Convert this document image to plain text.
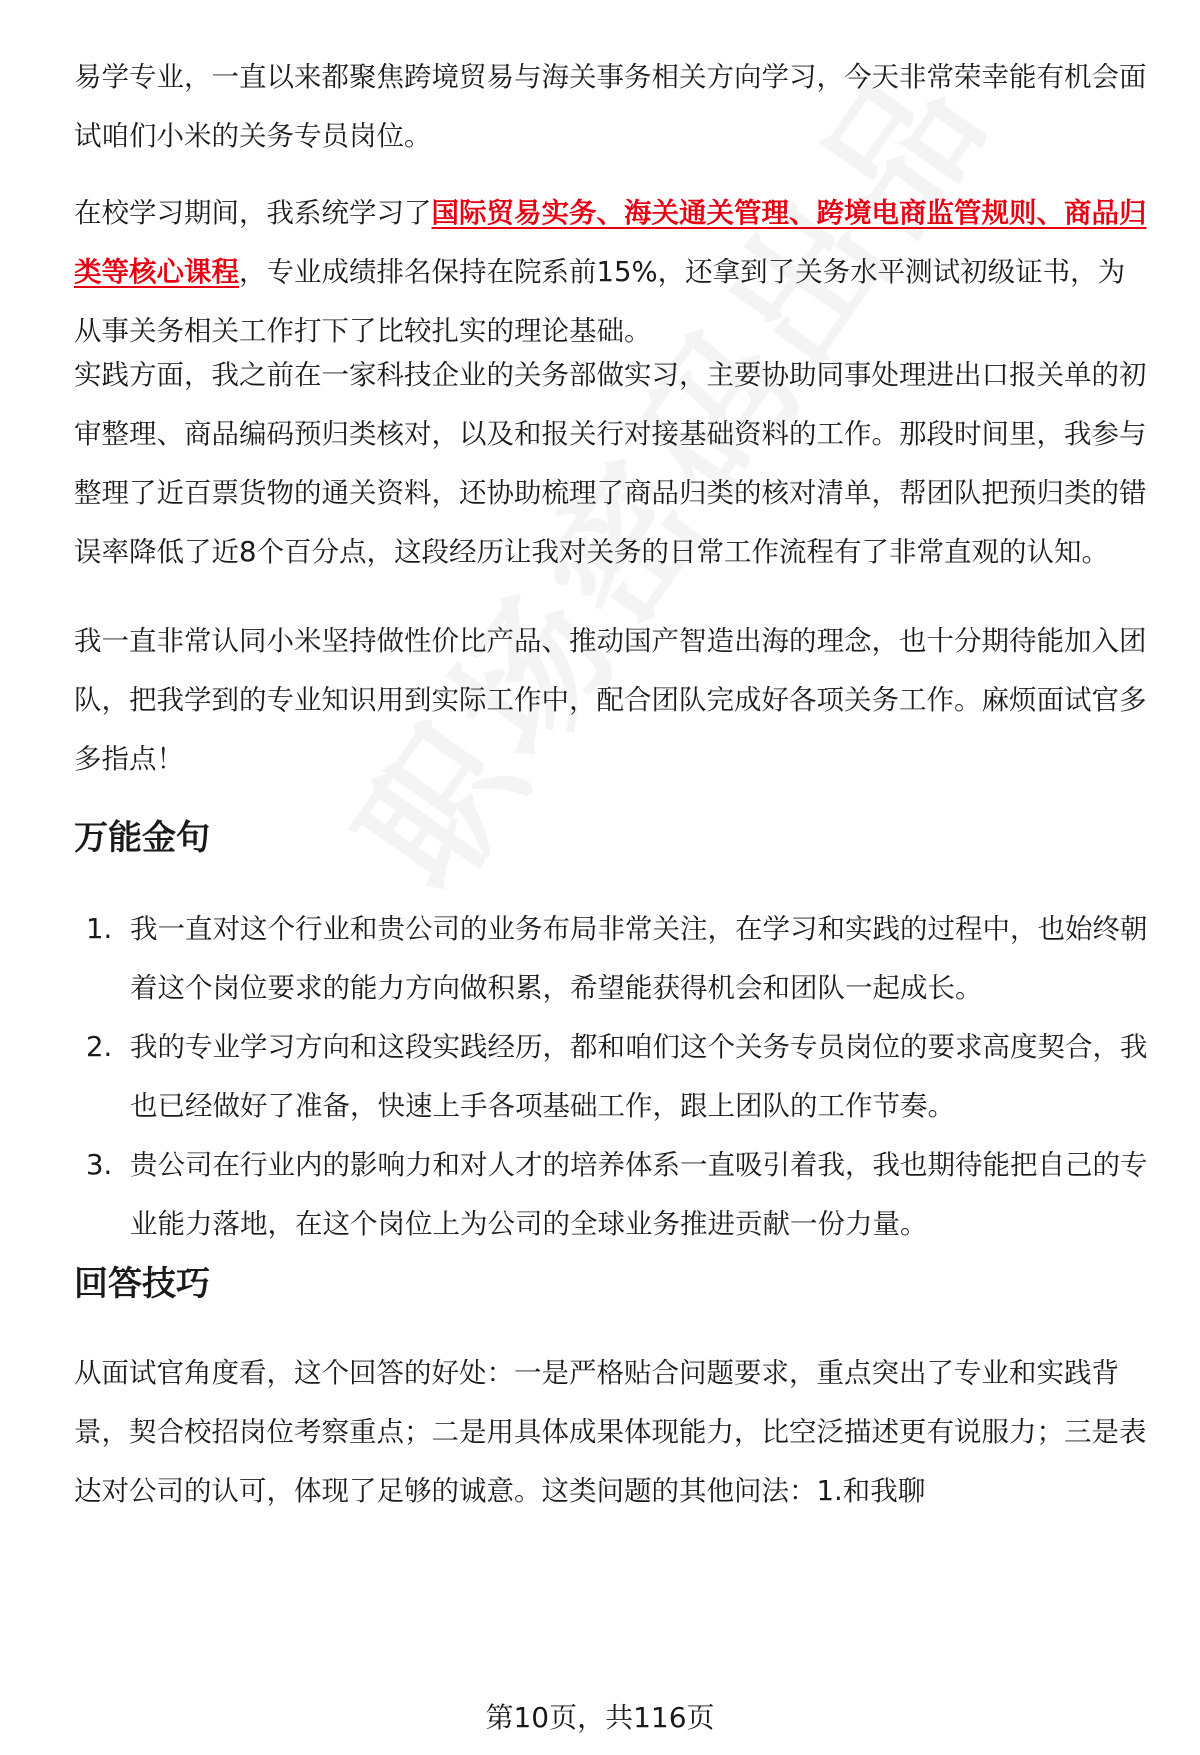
易学专业，一直以来都聚焦跨境贸易与海关事务相关方向学习，今天非常荣幸能有机会面试咱们小米的关务专员岗位。

在校学习期间，我系统学习了国际贸易实务、海关通关管理、跨境电商监管规则、商品归类等核心课程，专业成绩排名保持在院系前15%，还拿到了关务水平测试初级证书，为从事关务相关工作打下了比较扎实的理论基础。

实践方面，我之前在一家科技企业的关务部做实习，主要协助同事处理进出口报关单的初审整理、商品编码预归类核对，以及和报关行对接基础资料的工作。那段时间里，我参与整理了近百票货物的通关资料，还协助梳理了商品归类的核对清单，帮团队把预归类的错误率降低了近8个百分点，这段经历让我对关务的日常工作流程有了非常直观的认知。

我一直非常认同小米坚持做性价比产品、推动国产智造出海的理念，也十分期待能加入团队，把我学到的专业知识用到实际工作中，配合团队完成好各项关务工作。麻烦面试官多多指点！

万能金句
1. 我一直对这个行业和贵公司的业务布局非常关注，在学习和实践的过程中，也始终朝着这个岗位要求的能力方向做积累，希望能获得机会和团队一起成长。
2. 我的专业学习方向和这段实践经历，都和咱们这个关务专员岗位的要求高度契合，我也已经做好了准备，快速上手各项基础工作，跟上团队的工作节奏。
3. 贵公司在行业内的影响力和对人才的培养体系一直吸引着我，我也期待能把自己的专业能力落地，在这个岗位上为公司的全球业务推进贡献一份力量。
回答技巧

从面试官角度看，这个回答的好处：一是严格贴合问题要求，重点突出了专业和实践背景，契合校招岗位考察重点；二是用具体成果体现能力，比空泛描述更有说服力；三是表达对公司的认可，体现了足够的诚意。这类问题的其他问法：1.和我聊

第10页，共116页
